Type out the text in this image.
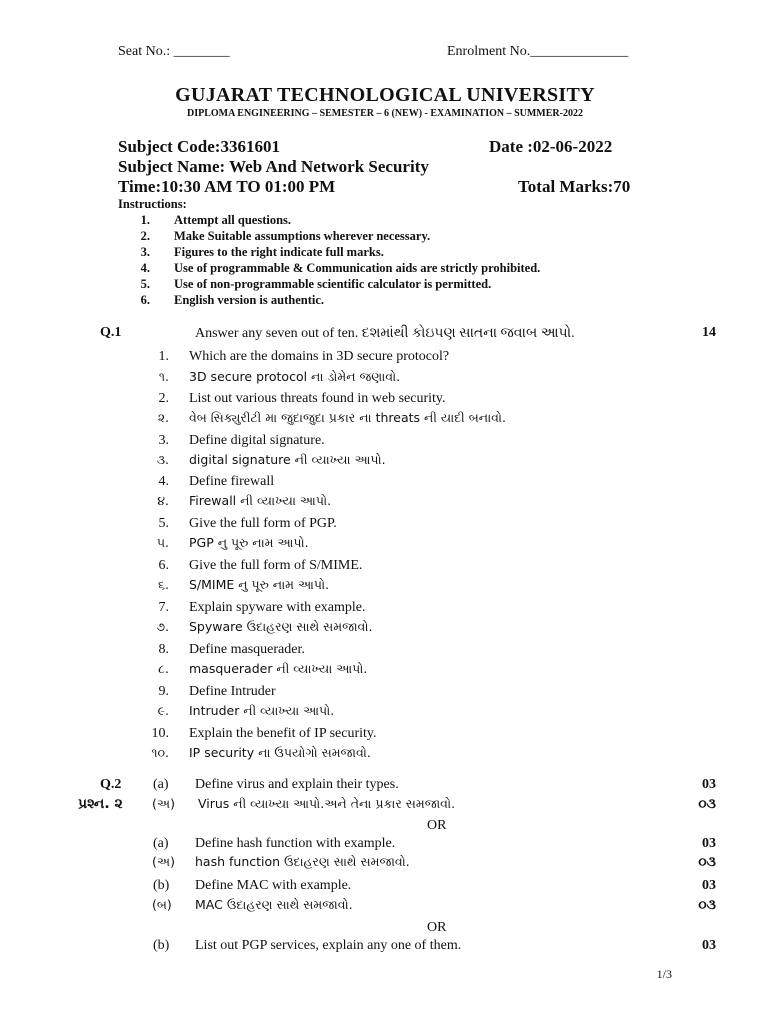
Seat No.: ________	Enrolment No.______________
GUJARAT TECHNOLOGICAL UNIVERSITY
DIPLOMA ENGINEERING – SEMESTER – 6 (NEW) - EXAMINATION – SUMMER-2022
Subject Code:3361601	Date :02-06-2022
Subject Name: Web And Network Security
Time:10:30 AM TO 01:00 PM	Total Marks:70
Instructions:
1. Attempt all questions.
2. Make Suitable assumptions wherever necessary.
3. Figures to the right indicate full marks.
4. Use of programmable & Communication aids are strictly prohibited.
5. Use of non-programmable scientific calculator is permitted.
6. English version is authentic.
Q.1	Answer any seven out of ten. દશમાંથી કોઇપણ સાતના જવાબ આપો.	14
1. Which are the domains in 3D secure protocol?
૧. 3D secure protocol ના ડોમેન જણાવો.
2. List out various threats found in web security.
૨. વેબ સિક્યુરીટી મા જુદાજુદા પ્રકાર ના threats ની યાદી બનાવો.
3. Define digital signature.
૩. digital signature ની વ્યાખ્યા આપો.
4. Define firewall
૪. Firewall ની વ્યાખ્યા આપો.
5. Give the full form of PGP.
૫. PGP નુ પૂરુ નામ આપો.
6. Give the full form of S/MIME.
૬. S/MIME નુ પૂરુ નામ આપો.
7. Explain spyware with example.
૭. Spyware ઉદાહરણ સાથે સમજાવો.
8. Define masquerader.
૮. masquerader ની વ્યાખ્યા આપો.
9. Define Intruder
૯. Intruder ની વ્યાખ્યા આપો.
10. Explain the benefit of IP security.
૧૦. IP security ના ઉપયોગો સમજાવો.
Q.2
પ્રશ્ન. ૨
(a) Define virus and explain their types.	03
(અ) Virus ની વ્યાખ્યા આપો.અને તેના પ્રકાર સમજાવો.	૦૩
OR
(a) Define hash function with example.	03
(અ) hash function ઉદાહરણ સાથે સમજાવો.	૦૩
(b) Define MAC with example.	03
(બ) MAC ઉદાહરણ સાથે સમજાવો.	૦૩
OR
(b) List out PGP services, explain any one of them.	03
1/3
